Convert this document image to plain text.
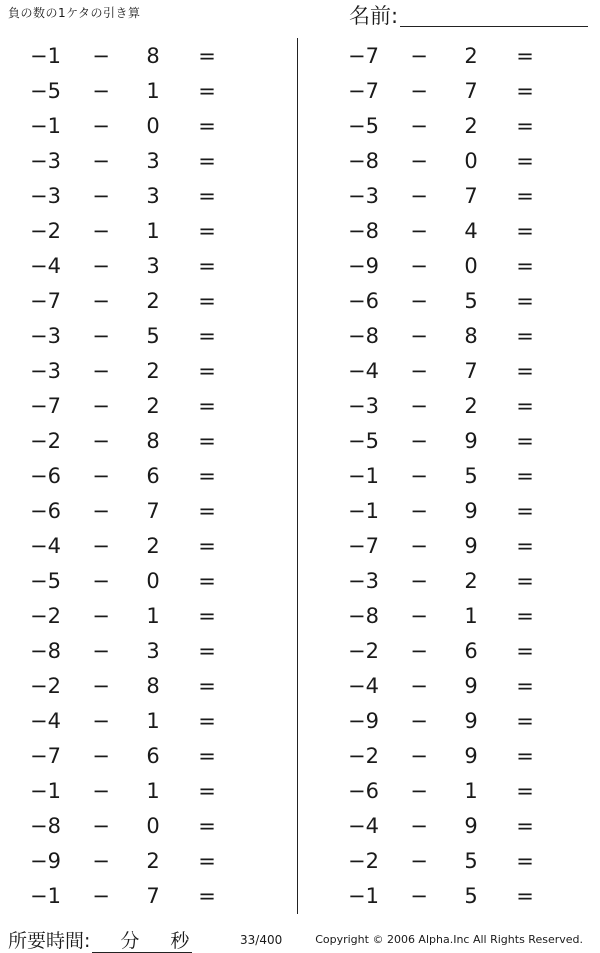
負の数の1ケタの引き算	名前:
−1	−	8	=
−5	−	1	=
−1	−	0	=
−3	−	3	=
−3	−	3	=
−2	−	1	=
−4	−	3	=
−7	−	2	=
−3	−	5	=
−3	−	2	=
−7	−	2	=
−2	−	8	=
−6	−	6	=
−6	−	7	=
−4	−	2	=
−5	−	0	=
−2	−	1	=
−8	−	3	=
−2	−	8	=
−4	−	1	=
−7	−	6	=
−1	−	1	=
−8	−	0	=
−9	−	2	=
−1	−	7	=
−7	−	2	=
−7	−	7	=
−5	−	2	=
−8	−	0	=
−3	−	7	=
−8	−	4	=
−9	−	0	=
−6	−	5	=
−8	−	8	=
−4	−	7	=
−3	−	2	=
−5	−	9	=
−1	−	5	=
−1	−	9	=
−7	−	9	=
−3	−	2	=
−8	−	1	=
−2	−	6	=
−4	−	9	=
−9	−	9	=
−2	−	9	=
−6	−	1	=
−4	−	9	=
−2	−	5	=
−1	−	5	=
所要時間: 分 秒	33/400	Copyright © 2006 Alpha.Inc All Rights Reserved.
